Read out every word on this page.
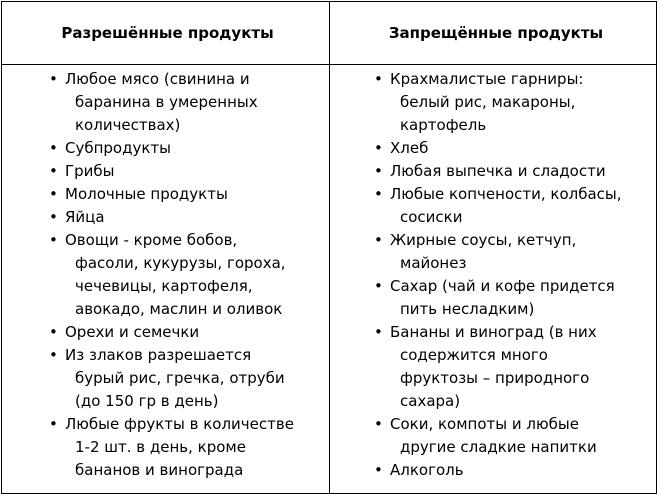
Разрешённые продукты	Запрещённые продукты
• Любое мясо (свинина и
баранина в умеренных
количествах)
• Субпродукты
• Грибы
• Молочные продукты
• Яйца
• Овощи - кроме бобов,
фасоли, кукурузы, гороха,
чечевицы, картофеля,
авокадо, маслин и оливок
• Орехи и семечки
• Из злаков разрешается
бурый рис, гречка, отруби
(до 150 гр в день)
• Любые фрукты в количестве
1-2 шт. в день, кроме
бананов и винограда
• Крахмалистые гарниры:
белый рис, макароны,
картофель
• Хлеб
• Любая выпечка и сладости
• Любые копчености, колбасы,
сосиски
• Жирные соусы, кетчуп,
майонез
• Сахар (чай и кофе придется
пить несладким)
• Бананы и виноград (в них
содержится много
фруктозы – природного
сахара)
• Соки, компоты и любые
другие сладкие напитки
• Алкоголь
